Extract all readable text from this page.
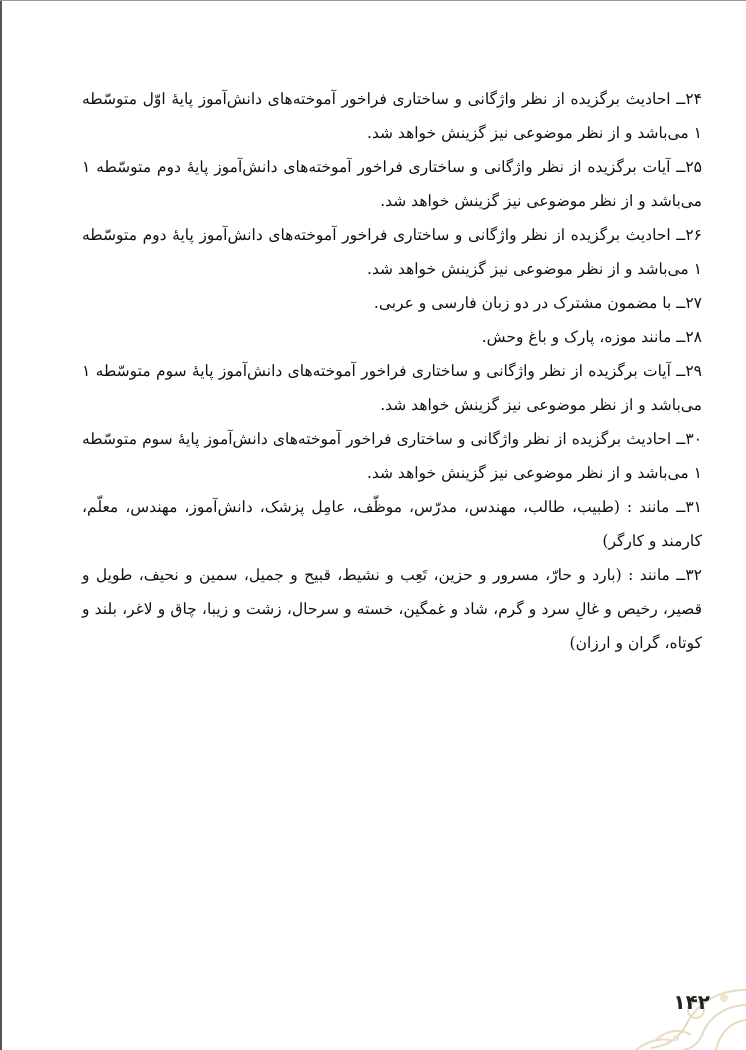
۲۴ــ احادیث برگزیده از نظر واژگانی و ساختاری فراخور آموخته‌های دانش‌آموز پایهٔ اوّل متوسّطه ۱ می‌باشد و از نظر موضوعی نیز گزینش خواهد شد.

۲۵ــ آیات برگزیده از نظر واژگانی و ساختاری فراخور آموخته‌های دانش‌آموز پایهٔ دوم متوسّطه ۱ می‌باشد و از نظر موضوعی نیز گزینش خواهد شد.

۲۶ــ احادیث برگزیده از نظر واژگانی و ساختاری فراخور آموخته‌های دانش‌آموز پایهٔ دوم متوسّطه ۱ می‌باشد و از نظر موضوعی نیز گزینش خواهد شد.

۲۷ــ با مضمون مشترک در دو زبان فارسی و عربی.

۲۸ــ مانند موزه، پارک و باغ وحش.

۲۹ــ آیات برگزیده از نظر واژگانی و ساختاری فراخور آموخته‌های دانش‌آموز پایهٔ سوم متوسّطه ۱ می‌باشد و از نظر موضوعی نیز گزینش خواهد شد.

۳۰ــ احادیث برگزیده از نظر واژگانی و ساختاری فراخور آموخته‌های دانش‌آموز پایهٔ سوم متوسّطه ۱ می‌باشد و از نظر موضوعی نیز گزینش خواهد شد.

۳۱ــ مانند : (طبیب، طالب، مهندس، مدرّس، موظّف، عامِل پزشک، دانش‌آموز، مهندس، معلّم، کارمند و کارگر)

۳۲ــ مانند : (بارد و حارّ، مسرور و حزین، تَعِب و نشیط، قبیح و جمیل، سمین و نحیف، طویل و قصیر، رخیص و غالِ سرد و گرم، شاد و غمگین، خسته و سرحال، زشت و زیبا، چاق و لاغر، بلند و کوتاه، گران و ارزان)

۱۴۲
